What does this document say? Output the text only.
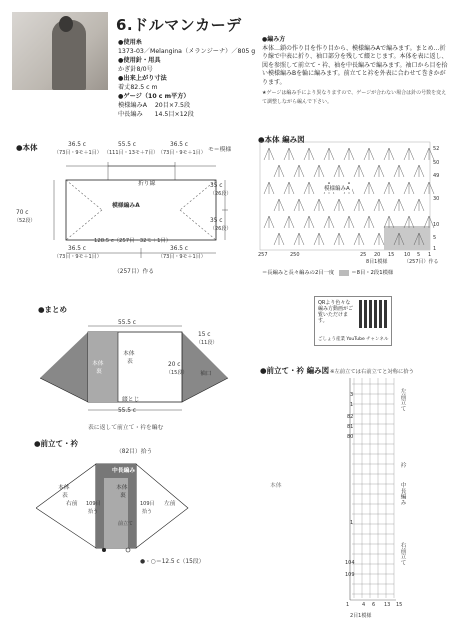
6.ドルマンカーデ
●使用糸
1373-03／Melangina（メランジーナ）／805 g
●使用針・用具
かぎ針8/0号
●出来上がり寸法
着丈82.5 c m
●ゲージ（10 c m平方）
模様編みA 20目×7.5段
中長編み 14.5目×12段
●編み方
本体…鎖の作り目を作り目から、模様編みAで編みます。まとめ…折り線で中表に折り、袖口部分を残して綴とじます。本体を表に返し、図を参照して前立て・衿、袖を中長編みで編みます。袖口から目を拾い模様編みBを輪に編みます。前立てと衿を外表に合わせて巻きかがります。
★ゲージは編み手により異なりますので、ゲージが合わない場合は針の号数を変えて調整しながら編んで下さい。
●本体	36.5 c
（73目・9モ＋1目）
55.5 c
（111目・13モ＋7目）
36.5 c
（73目・9モ＋1目） モ＝模様
折り線
模様編みA
70 c
（52段）
35 c
（26段）
35 c
（26段）
128.5 c（257目・32モ＋1目）
36.5 c
（73目・9モ＋1目）
36.5 c
（73目・9モ＋1目）
（257目）作る
●本体 編み図
模様編みA
52
50
49
30
10
5
1
257	250	25 20 15 10 5 1
8目1模様	（257目）作る
＝長編みと長々編みの2目一度	＝8目・2段1模様
QRより色々な編み方動画がご覧いただけます。
ごしょう産業 YouTube チャンネル
●まとめ
55.5 c
本体
表
本体
裏
綴とじ
20 c
（15段）
15 c
（11段）
袖口
55.5 c
表に返して前立て・衿を編む
●前立て・衿
（82目）拾う
中長編み
本体
裏
本体
表
右前	左前
109目
拾う
109目
拾う
前立て
●・○＝12.5 c（15段）
●前立て・衿 編み図 ※左前立ては右前立てと対称に拾う
本体
左前立て
衿
中長編み
右前立て
3
1
82
81
80
1
104
109
1	4 6 13 15
2目1模様
